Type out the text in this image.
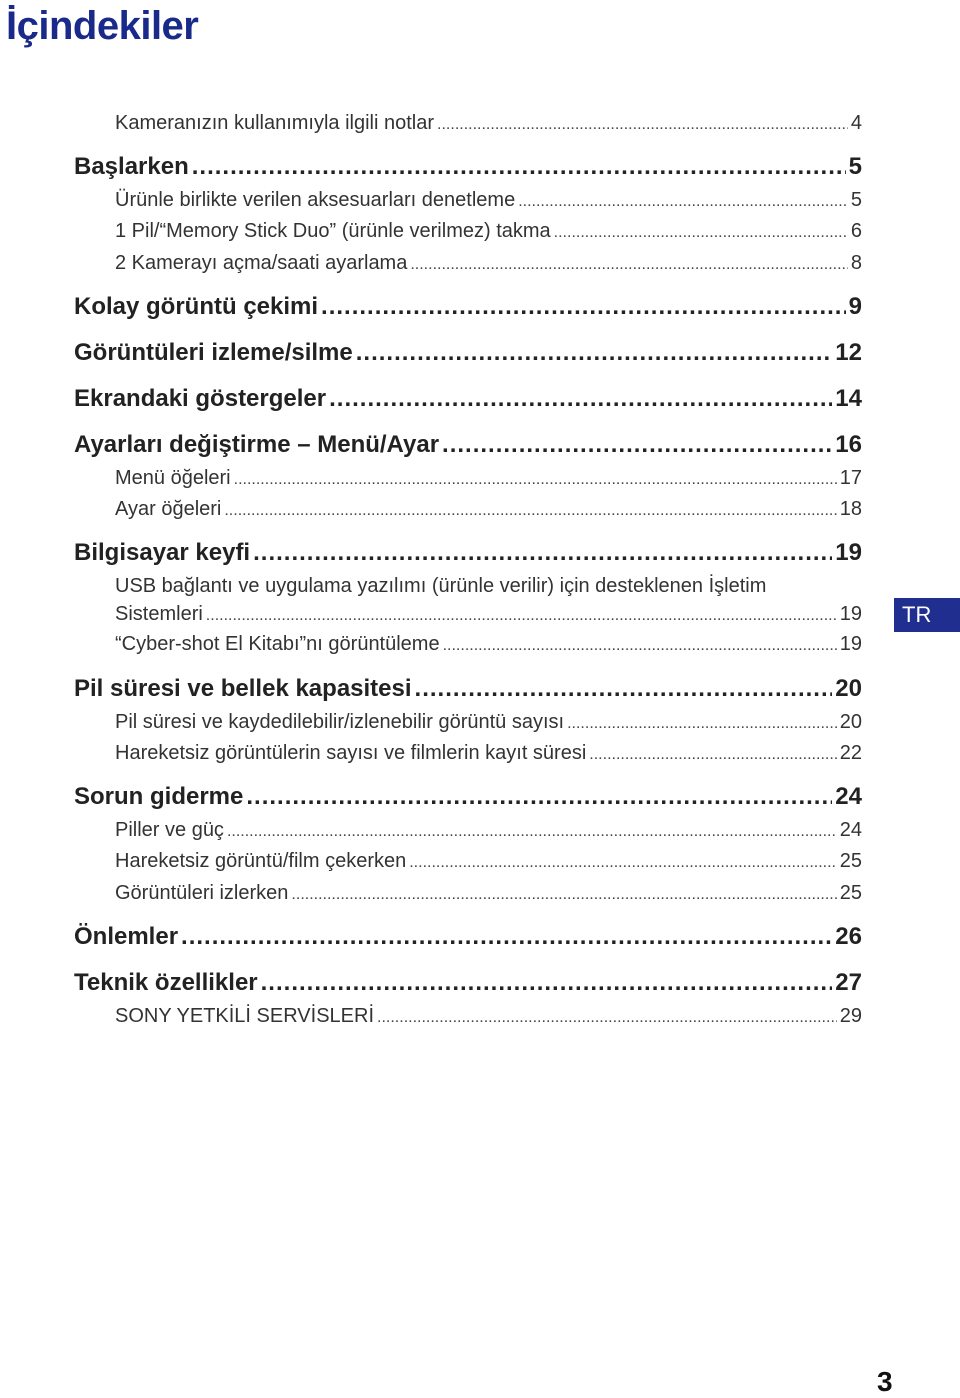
İçindekiler
Kameranızın kullanımıyla ilgili notlar .....	4
Başlarken .....	5
Ürünle birlikte verilen aksesuarları denetleme .....	5
1 Pil/“Memory Stick Duo” (ürünle verilmez) takma .....	6
2 Kamerayı açma/saati ayarlama .....	8
Kolay görüntü çekimi .....	9
Görüntüleri izleme/silme .....	12
Ekrandaki göstergeler .....	14
Ayarları değiştirme – Menü/Ayar .....	16
Menü öğeleri .....	17
Ayar öğeleri .....	18
Bilgisayar keyfi .....	19
USB bağlantı ve uygulama yazılımı (ürünle verilir) için desteklenen İşletim
Sistemleri .....	19
“Cyber-shot El Kitabı”nı görüntüleme .....	19
Pil süresi ve bellek kapasitesi .....	20
Pil süresi ve kaydedilebilir/izlenebilir görüntü sayısı .....	20
Hareketsiz görüntülerin sayısı ve filmlerin kayıt süresi .....	22
Sorun giderme .....	24
Piller ve güç .....	24
Hareketsiz görüntü/film çekerken .....	25
Görüntüleri izlerken .....	25
Önlemler .....	26
Teknik özellikler .....	27
SONY YETKİLİ SERVİSLERİ .....	29
TR
3
